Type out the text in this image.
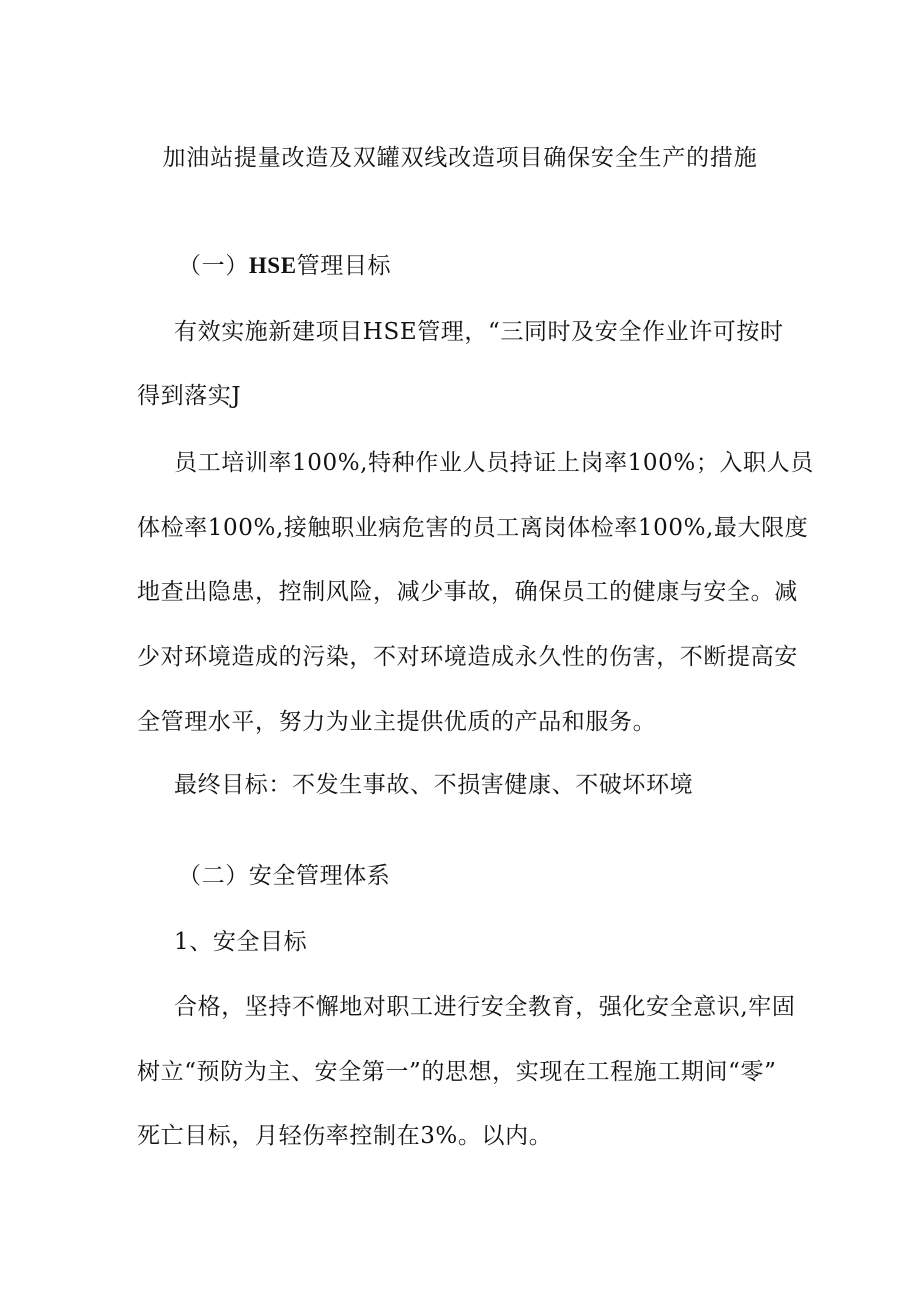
加油站提量改造及双罐双线改造项目确保安全生产的措施
（一）HSE管理目标
有效实施新建项目HSE管理，“三同时及安全作业许可按时
得到落实J
员工培训率100%,特种作业人员持证上岗率100%；入职人员
体检率100%,接触职业病危害的员工离岗体检率100%,最大限度
地查出隐患，控制风险，减少事故，确保员工的健康与安全。减
少对环境造成的污染，不对环境造成永久性的伤害，不断提高安
全管理水平，努力为业主提供优质的产品和服务。
最终目标：不发生事故、不损害健康、不破坏环境
（二）安全管理体系
1、安全目标
合格，坚持不懈地对职工进行安全教育，强化安全意识,牢固
树立“预防为主、安全第一”的思想，实现在工程施工期间“零”
死亡目标，月轻伤率控制在3%。以内。
